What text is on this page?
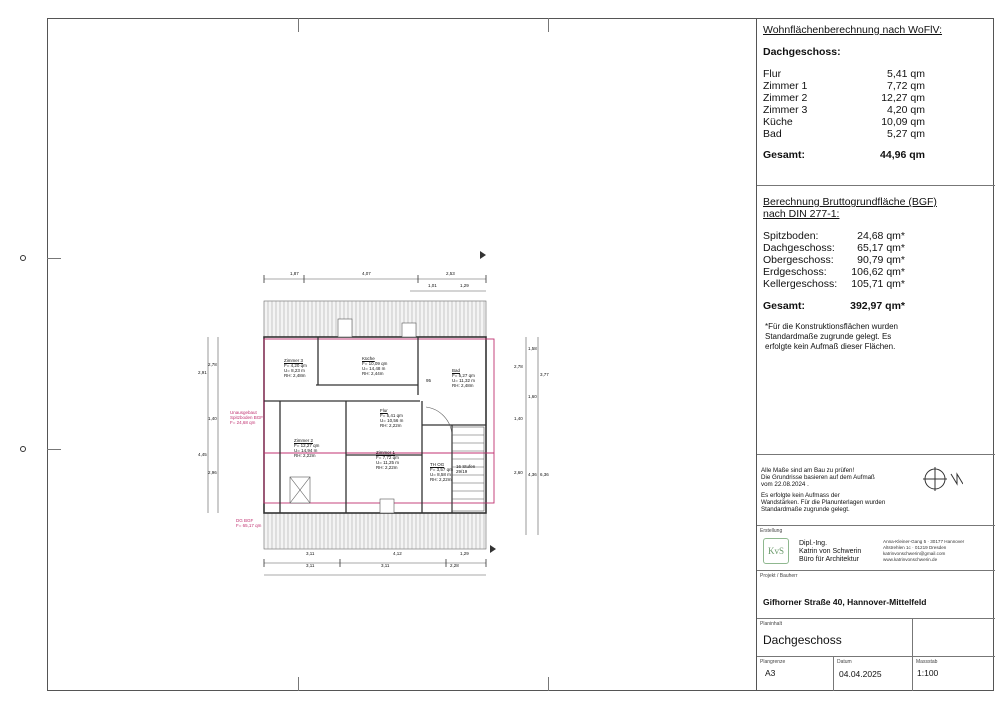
1,87	4,07	2,53
1,01	1,29
3,11	4,12	1,29
3,11	3,11	2,28
2,91
2,78
1,40
4,45
2,96
2,78
1,58
3,77
1,60
1,40
2,60 4,36 6,36
Zimmer 3
F= 4,20 qm
U= 8,23 m
RH: 2,48m
Küche
F= 10,09 qm
U= 14,48 m
RH: 2,44m
Bad
F= 5,27 qm
U= 11,32 m
RH: 2,48m
Flur
F= 5,41 qm
U= 10,56 m
RH: 2,22m
Zimmer 2
F= 12,27 qm
U= 14,94 m
RH: 2,22m
Zimmer 1
F= 7,72 qm
U= 11,25 m
RH: 2,22m
TH OG
F= 3,57 qm
U= 8,58 m
RH: 2,22m
16 Stufen
29/19
95
Unausgebaut
Spitzboden BGF
F= 24,68 qm
DG BGF
F= 65,17 qm
Wohnflächenberechnung nach WoFlV:
Dachgeschoss:
Flur	5,41 qm
Zimmer 1	7,72 qm
Zimmer 2	12,27 qm
Zimmer 3	4,20 qm
Küche	10,09 qm
Bad	5,27 qm
Gesamt:	44,96 qm
Berechnung Bruttogrundfläche (BGF)
nach DIN 277-1:
Spitzboden:	24,68 qm*
Dachgeschoss: 65,17 qm*
Obergeschoss: 90,79 qm*
Erdgeschoss: 106,62 qm*
Kellergeschoss: 105,71 qm*
Gesamt:	392,97 qm*
*Für die Konstruktionsflächen wurden
Standardmaße zugrunde gelegt. Es
erfolgte kein Aufmaß dieser Flächen.
Alle Maße sind am Bau zu prüfen!
Die Grundrisse basieren auf dem Aufmaß
vom 22.08.2024 .
Es erfolgte kein Aufmass der
Wandstärken. Für die Planunterlagen wurden
Standardmaße zugrunde gelegt.
Erstellung
KvS
Dipl.-Ing.
Katrin von Schwerin
Büro für Architektur
Anna-Kleiner-Gang 5 · 30177 Hannover
Altstrehlen 1c · 01219 Dresden
katrinvonschwerin@gmail.com
www.katrinvonschwerin.de
Projekt / Bauherr
Gifhorner Straße 40, Hannover-Mittelfeld
Planinhalt
Dachgeschoss
Plangrenze
A3
Datum
04.04.2025
Massstab
1:100
